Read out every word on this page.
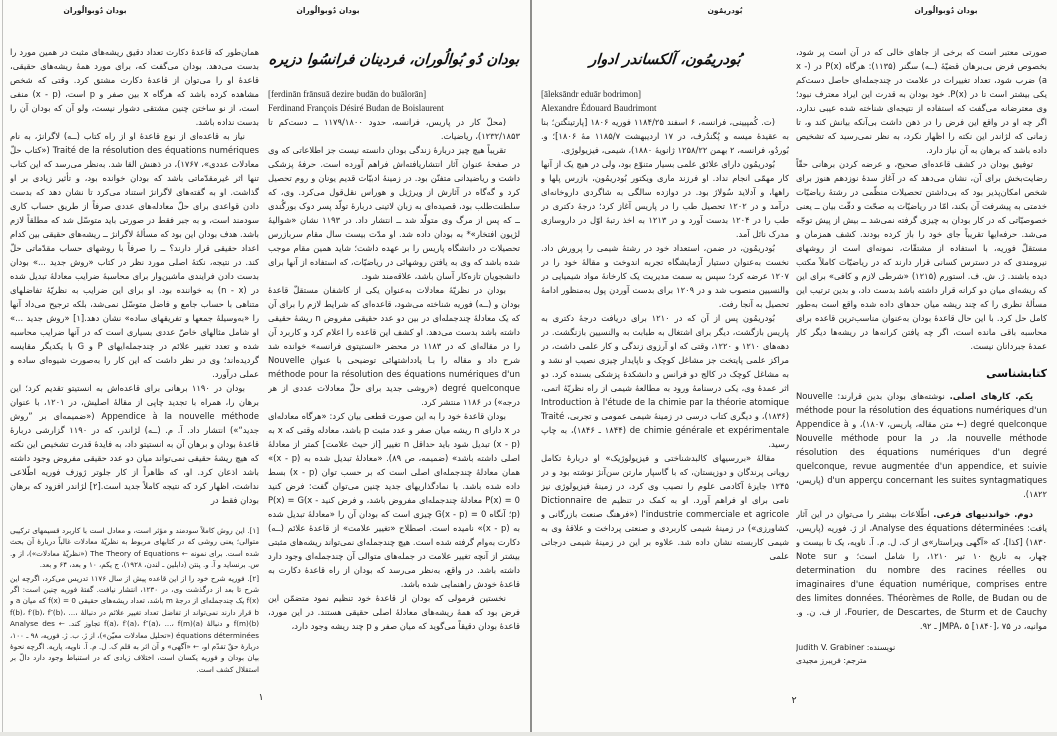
بودان دُوبوالُوران	بودان دُوبوالُوران	بُودریمُون	بودان دُوبوالُوران
بودان دُو بُوالُوران، فردینان فرانسُوا دزیره
[ferdinān frānsuā dezire budān do buālorān]
Ferdinand François Désiré Budan de Boislaurent

(محلّ کار در پاریس، فرانسه، حدود ۱۱۷۹/۱۸۰۰ ــ دست‌کم تا ۱۲۳۲/۱۸۵۳)، ریاضیات.

تقریباً هیچ چیز دربارهٔ زندگی بودان دانسته نیست جز اطلاعاتی که وی در صفحهٔ عنوان آثار انتشاریافته‌اش فراهم آورده است. حرفهٔ پزشکی داشت و ریاضیدانی متفنّن بود. در زمینهٔ ادبیّات قدیم یونان و روم تحصیل کرد و گه‌گاه در آثارش از ویرژیل و هوراس نقل‌قول می‌کرد. وی، که سلطنت‌طلب بود، قصیده‌ای به زبان لاتینی دربارهٔ تولّد پسر دوک بورگُندی ــ که پس از مرگ وی متولّد شد ــ انتشار داد. در ۱۱۹۳ نشان «شوالیهٔ لژیون افتخار»* به بودان داده شد. او مدّت بیست سال مقام سربازرس تحصیلات در دانشگاه پاریس را بر عهده داشت؛ شاید همین مقام موجب شده باشد که وی به یافتن روشهائی در ریاضیّات، که استفاده از آنها برای دانشجویان تازه‌کار آسان باشد، علاقه‌مند شود.

بودان در نظریّهٔ معادلات به‌عنوان یکی از کاشفان مستقلّ قاعدهٔ بودان و (ــه) فوریه شناخته می‌شود، قاعده‌ای که شرایط لازم را برای آن که یک معادلهٔ چندجمله‌ای در بین دو عدد حقیقی مفروض n ریشهٔ حقیقی داشته باشد بدست می‌دهد. او کشف این قاعده را اعلام کرد و کاربرد آن را در مقاله‌ای که در ۱۱۸۳ در محضر «انستیتوی فرانسه» خوانده شد شرح داد و مقاله را بـا یادداشتهائی توضیحی با عنوان Nouvelle méthode pour la résolution des équations numériques d'un degré quelconque («روشی جدید برای حلّ معادلات عددی از هر درجه») در ۱۱۸۶ منتشر کرد.

بودان قاعدهٔ خود را به این صورت قطعی بیان کرد: «هرگاه معادله‌ای در x دارای n ریشه میان صفر و عدد مثبت p باشد، معادله وقتی که x به (x - p) تبدیل شود باید حداقل n تغییر [از حیث علامت] کمتر از معادلهٔ اصلی داشته باشد» (ضمیمه، ص ۸۹). «معادلهٔ تبدیل شده به (x - p)» همان معادلهٔ چندجمله‌ای اصلی است که بر حسب توان (x - p) بسط داده شده باشد. با نمادگذاریهای جدید چنین می‌توان گفت: فرض کنید P(x) = 0 معادلهٔ چندجمله‌ای مفروض باشد، و فرض کنید P(x) = G(x - p)؛ آنگاه G(x - p) = 0 چیزی است که بودان آن را «معادلهٔ تبدیل شده به (x - p)» نامیده است. اصطلاح «تغییر علامت» از قاعدهٔ علائم (ــه) دکارت به‌وام گرفته شده است. هیچ چندجمله‌ای نمی‌تواند ریشه‌های مثبتی بیشتر از آنچه تغییر علامت در جمله‌های متوالی آن چندجمله‌ای وجود دارد داشته باشد. در واقع، به‌نظر می‌رسد که بودان از راه قاعدهٔ دکارت به قاعدهٔ خودش راهنمایی شده باشد.

نخستین فرمولی که بودان از قاعدهٔ خود تنظیم نمود متضمّن این فرض بود که همهٔ ریشه‌های معادلهٔ اصلی حقیقی هستند. در این مورد، قاعدهٔ بودان دقیقاً می‌گوید که میان صفر و p چند ریشه وجود دارد،

همان‌طور که قاعدهٔ دکارت تعداد دقیق ریشه‌های مثبت در همین مورد را بدست می‌دهد. بودان می‌گفت که، برای مورد همهٔ ریشه‌های حقیقی، قاعدهٔ او را می‌توان از قاعدهٔ دکارت مشتق کرد. وقتی که شخص مشاهده کرده باشد که هرگاه x بین صفر و p است، (x - p) منفی است، از نو ساختن چنین مشتقی دشوار نیست، ولو آن که بودان آن را بدست نداده باشد.

نیاز به قاعده‌ای از نوع قاعدهٔ او از راه کتاب (ــه) لاگرانژ، به نام Traité de la résolution des équations numériques («کتاب حلّ معادلات عددی»، ۱۷۶۷)، در ذهنش القا شد. به‌نظر می‌رسد که این کتاب تنها اثر غیرمقدّماتی باشد که بودان خوانده بود، و تأثیر زیادی بر او گذاشت. او به گفته‌های لاگرانژ استناد می‌کرد تا نشان دهد که بدست دادن قواعدی برای حلّ معادله‌های عددی صرفاً از طریق حساب کاری سودمند است، و به جبر فقط در صورتی باید متوسّل شد که مطلقاً لازم باشد. هدف بودان این بود که مسألهٔ لاگرانژ ــ ریشه‌های حقیقی بین کدام اعداد حقیقی قرار دارند؟ ــ را صرفاً با روشهای حساب مقدّماتی حلّ کند. در نتیجه، نکتهٔ اصلی مورد نظر در کتاب «روش جدید ...» بودان بدست دادن فرایندی ماشین‌وار برای محاسبهٔ ضرایب معادلهٔ تبدیل شده در (n - x) به خواننده بود. او برای این ضرایب به نظریّهٔ تفاضلهای متناهی با حساب جامع و فاضل متوسّل نمی‌شد، بلکه ترجیح می‌داد آنها را «به‌وسیلهٔ جمعها و تفریقهای ساده» نشان دهد.[۱] «روش جدید ...» او شامل مثالهای خاصّ عددی بسیاری است که در آنها ضرایب محاسبه شده و تعدد تغییر علائم در چندجمله‌ایهای P و G با یکدیگر مقایسه گردیده‌اند؛ وی در نظر داشت که این کار را به‌صورت شیوه‌ای ساده و عملی درآورد.

بودان در ۱۱۹۰ برهانی برای قاعده‌اش به انستیتو تقدیم کرد؛ این برهان را، همراه با تجدید چاپی از مقالهٔ اصلیش، در ۱۲۰۱، با عنوان Appendice à la nouvelle méthode («ضمیمه‌ای بر ”روش جدید“») انتشار داد. آ. م. (ــه) لژاندر، که در ۱۱۹۰ گزارشی دربارهٔ قاعدهٔ بودان و برهان آن به انستیتو داد، به فایدهٔ قدرت تشخیص این نکته که هیچ ریشهٔ حقیقی نمی‌تواند میان دو عدد حقیقی مفروض وجود داشته باشد اذعان کرد. او، که ظاهراً از کار جلوتر ژوزف فوریه اطّلاعی نداشت، اظهار کرد که نتیجه کاملاً جدید است.[۲] لژاندر افزود که برهان بودان فقط در

[۱]. این روش کاملاً سودمند و مؤثر است، و معادل است با کاربرد قسیمهای ترکیبی متوالی؛ یعنی روشی که در کتابهای مربوط به نظریّهٔ معادلات غالباً دربارهٔ آن بحث شده است. برای نمونه ← The Theory of Equations («نظریّهٔ معادلات»)، از و. س. برنساید و آ. و. پنتن (دابلین ـ لندن، ۱۹۲۸)، ج یکم، ۱۰ و بعد، ۶۴ و بعد.

[۲]. فوریه شرح خود را از این قاعده پیش از سال ۱۱۷۶ تدریس می‌کرد، اگرچه این شرح تا بعد از درگذشت وی، در ۱۲۳۰، انتشار نیافت. گفتهٔ فوریه چنین است: اگر f(x) یک چندجمله‌ای از درجهٔ m باشد، تعداد ریشه‌های حقیقی f(x) = 0 که میان a و b قرار دارند نمی‌تواند از تفاضل تعداد تغییر علائم در دنبالهٔ f(b)، f′(b)، f″(b)، ...، f(m)(b) و دنبالهٔ f(a)، f′(a)، f″(a)، ...، f(m)(a) تجاوز کند. ← Analyse des équations déterminées («تحلیل معادلات معیّن»)، از ژ. ب. ژ. فوریه، ۹۸ ـ ۱۰۰، دربارهٔ حقّ تقدّم او، ← «آگهی» و آن اثر به قلم ک. ل. م. آ. ناویه، پاریه. اگرچه نحوهٔ بیان بودان و فوریه یکسان است، اختلاف زیادی که در استنباط وجود دارد دالّ بر استقلال کشف است.

صورتی معتبر است که برخی از جاهای خالی که در آن است پر شود، بخصوص فرض بی‌برهان قضیّهٔ (ــه) سگنر (۱۱۳۵): هرگاه P(x) در (x - a) ضرب شود، تعداد تغییرات در علامت در چندجمله‌ای حاصل دست‌کم یکی بیشتر است تا در P(x). خود بودان به قدرت این ایراد معترف نبود؛ وی معترضانه می‌گفت که استفاده از نتیجه‌ای شناخته شده عیبی ندارد، اگر چه او در واقع این فرض را در ذهن داشت بی‌آنکه بیانش کند و، تا زمانی که لژاندر این نکته را اظهار نکرد، به نظر نمی‌رسید که تشخیص داده باشد که برهان به آن نیاز دارد.

توفیق بودان در کشف قاعده‌ای صحیح، و عرضه کردن برهانی حقّاً رضایت‌بخش برای آن، نشان می‌دهد که در آغاز سدهٔ نوزدهم هنوز برای شخص امکان‌پذیر بود که بی‌داشتن تحصیلات منظّمی در رشتهٔ ریاضیّات خدمتی به پیشرفت آن بکند، امّا در ریاضیّات به صحّت و دقّت بیان ــ یعنی خصوصیّاتی که در کار بودان به چیزی گرفته نمی‌شد ــ بیش از پیش توجّه می‌شد. حرفه‌ایها تقریباً جای خود را باز کرده بودند. کشف همزمان و مستقلّ فوریه، با استفاده از مشتقّات، نمونه‌ای است از روشهای نیرومندی که در دسترس کسانی قرار دارند که در ریاضیّات کاملاً مکتب دیده باشند. ژ. ش. ف. استورم (۱۲۱۵) «شرطی لازم و کافی» برای این که ریشه‌ای میان دو کرانه قرار داشته باشد بدست داد، و بدین ترتیب این مسألهٔ نظری را که چند ریشه میان حدهای داده شده واقع است به‌طور کامل حل کرد. با این حال قاعدهٔ بودان به‌عنوان مناسب‌ترین قاعده برای محاسبه باقی مانده است، اگر چه یافتن کرانه‌ها در ریشه‌ها دیگر کار عمدهٔ جبردانان نیست.

کتابشناسی

یکم. کارهای اصلی. نوشته‌های بودان بدین قرارند: Nouvelle méthode pour la résolution des équations numériques d'un degré quelconque (← متن مقاله، پاریس، ۱۸۰۷)، و Appendice à la nouvelle méthode، در Nouvelle méthode pour la résolution des équations numériques d'un degré quelconque, revue augmentée d'un appendice, et suivie d'un apperçu concernant les suites syntagmatiques (پاریس، ۱۸۲۲).

دوم. خواندنیهای فرعی. اطّلاعات بیشتر را می‌توان در این آثار یافت: Analyse des équations déterminées، از ژ. فوریه (پاریس، ۱۸۳۰) [کذا]، که «آگهی ویراستار»ی از ک. ل. م. آ. ناویه، یک تا بیست و چهار، به تاریخ ۱۰ تیر ۱۲۱۰، را شامل است؛ و Note sur determination du nombre des racines réelles ou imaginaires d'une équation numérique, comprises entre des limites données. Théorèmes de Rolle, de Budan ou de Fourier, de Descartes, de Sturm et de Cauchy، از ف. ن. و. موانیه، در JMPA، ۵ [۱۸۴۰]، ۷۵ ـ ۹۲.

نویسنده: Judith V. Grabiner
مترجم: فریبرز مجیدی
بُودریمُون، آلکساندر ادوار
[āleksāndr eduār bodrimon]
Alexandre Édouard Baudrimont

(ت. کُمپیینی، فرانسه، ۶ اسفند ۱۱۸۴/۲۵ فوریه ۱۸۰۶ [پارتینگتن؛ بنا به عقیدهٔ میسه و پُگندُرف، در ۱۷ اردیبهشت ۱۱۸۵/۷ مهٔ ۱۸۰۶]؛ و. بُوردُو، فرانسه، ۲ بهمن ۱۲۵۸/۲۲ ژانویهٔ ۱۸۸۰)، شیمی، فیزیولوژی.

بُودریمُون دارای علائق علمی بسیار متنوّع بود، ولی در هیچ یک از آنها کار مهمّی انجام نداد. او فرزند ماری ویکتور بُودریمُون، بازرس پلها و راهها، و آدلاید سُولاژ بود. در دوازده سالگی به شاگردی داروخانه‌ای درآمد و در ۱۲۰۲ تحصیل طب را در پاریس آغاز کرد؛ درجهٔ دکتری در طب را در ۱۲۰۴ بدست آورد و در ۱۲۱۳ به اخذ رتبهٔ اوّل در داروسازی مدرک نائل آمد.

بُودریمُون، در ضمن، استعداد خود در رشتهٔ شیمی را پرورش داد. نخست به‌عنوان دستیار آزمایشگاه تجربه اندوخت و مقالهٔ خود را در ۱۲۰۷ عرضه کرد؛ سپس به سمت مدیریت یک کارخانهٔ مواد شیمیایی در والنسیین منصوب شد و در ۱۲۰۹ برای بدست آوردن پول به‌منظور ادامهٔ تحصیل به آنجا رفت.

بُودریمُون پس از آن که در ۱۲۱۰ برای دریافت درجهٔ دکتری به پاریس بازگشت، دیگر برای اشتغال به طبابت به والنسیین بازنگشت. در دهه‌های ۱۲۱۰ و ۱۲۲۰، وقتی که او آرزوی زندگی و کار علمی داشت، در مراکز علمی پایتخت جز مشاغل کوچک و ناپایدار چیزی نصیب او نشد و به مشاغل کوچک در کالج دو فرانس و دانشکدهٔ پزشکی بسنده کرد. دو اثر عمدهٔ وی، یکی درسنامهٔ ورود به مطالعهٔ شیمی از راه نظریّهٔ اتمی، Introduction à l'étude de la chimie par la théorie atomique (۱۸۳۶)، و دیگری کتاب درسی در زمینهٔ شیمی عمومی و تجربی، Traité de chimie générale et expérimentale (۱۸۴۴ ـ ۱۸۴۶)، به چاپ رسید.

مقالهٔ «بررسیهای کالبدشناختی و فیزیولوژیک» او دربارهٔ تکامل رویانی پرندگان و دوزیستان، که با گاسپار مارتن سن‌آنژ نوشته بود و در ۱۲۴۵ جایزهٔ آکادمی علوم را نصیب وی کرد، در زمینهٔ فیزیولوژی نیز نامی برای او فراهم آورد. او به کمک در تنظیم Dictionnaire de l'industrie commerciale et agricole («فرهنگ صنعت بازرگانی و کشاورزی») در زمینهٔ شیمی کاربردی و صنعتی پرداخت و علاقهٔ وی به شیمی کاربسته نشان داده شد. علاوه بر این در زمینهٔ شیمی درجاتی علمی

۱	۲
